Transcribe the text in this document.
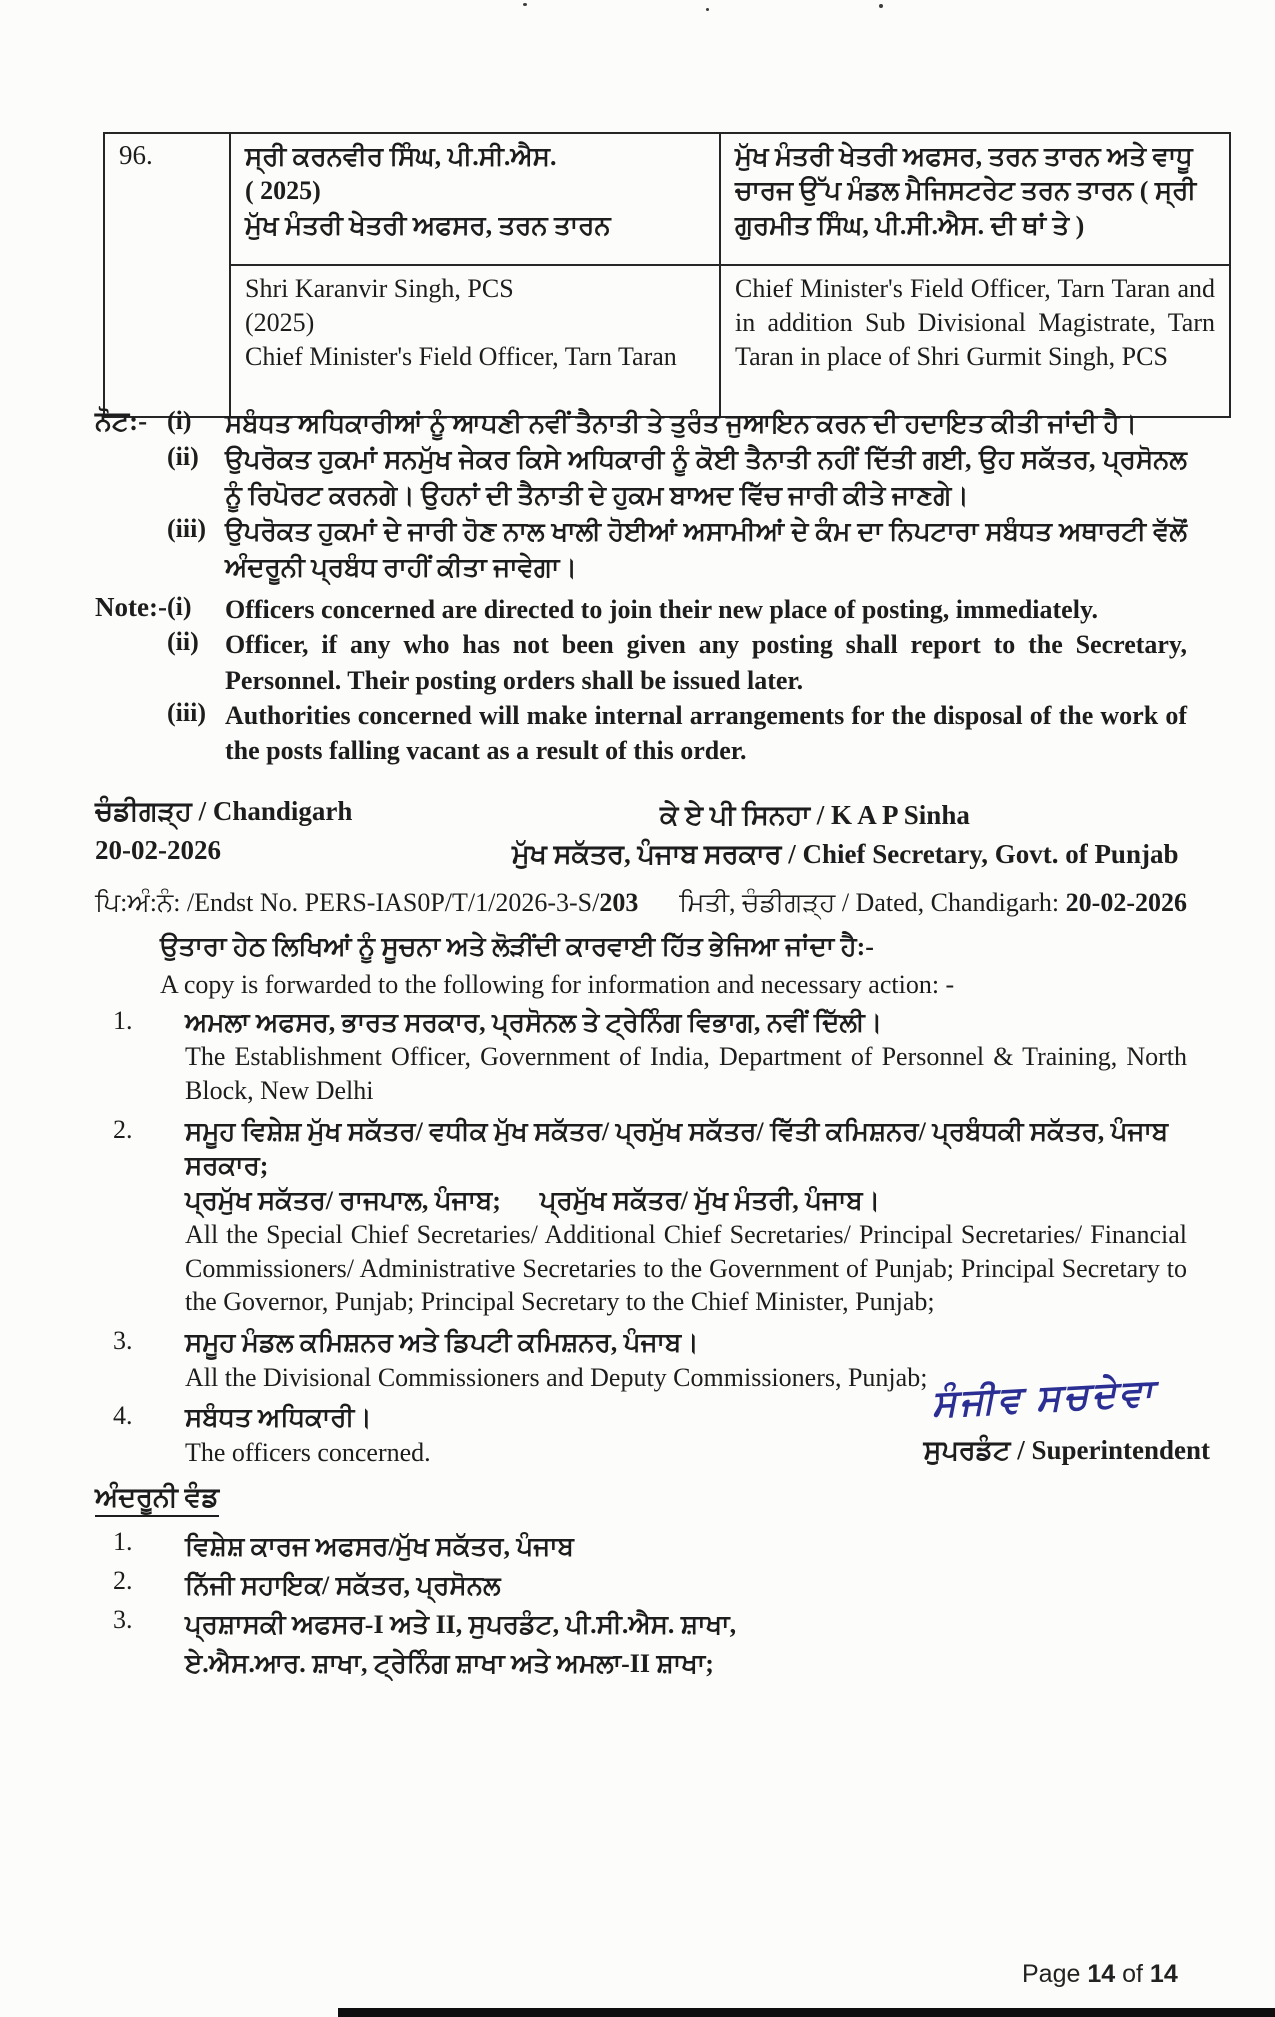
96.	ਸ੍ਰੀ ਕਰਨਵੀਰ ਸਿੰਘ, ਪੀ.ਸੀ.ਐਸ.
( 2025)
ਮੁੱਖ ਮੰਤਰੀ ਖੇਤਰੀ ਅਫਸਰ, ਤਰਨ ਤਾਰਨ	ਮੁੱਖ ਮੰਤਰੀ ਖੇਤਰੀ ਅਫਸਰ, ਤਰਨ ਤਾਰਨ ਅਤੇ ਵਾਧੂ ਚਾਰਜ ਉੱਪ ਮੰਡਲ ਮੈਜਿਸਟਰੇਟ ਤਰਨ ਤਾਰਨ ( ਸ੍ਰੀ ਗੁਰਮੀਤ ਸਿੰਘ, ਪੀ.ਸੀ.ਐਸ. ਦੀ ਥਾਂ ਤੇ )

	Shri Karanvir Singh, PCS
(2025)
Chief Minister's Field Officer, Tarn Taran	Chief Minister's Field Officer, Tarn Taran and in addition Sub Divisional Magistrate, Tarn Taran in place of Shri Gurmit Singh, PCS
ਨੋਟ:- (i)	ਸਬੰਧਤ ਅਧਿਕਾਰੀਆਂ ਨੂੰ ਆਪਣੀ ਨਵੀਂ ਤੈਨਾਤੀ ਤੇ ਤੁਰੰਤ ਜੁਆਇਨ ਕਰਨ ਦੀ ਹਦਾਇਤ ਕੀਤੀ ਜਾਂਦੀ ਹੈ।
(ii)	ਉਪਰੋਕਤ ਹੁਕਮਾਂ ਸਨਮੁੱਖ ਜੇਕਰ ਕਿਸੇ ਅਧਿਕਾਰੀ ਨੂੰ ਕੋਈ ਤੈਨਾਤੀ ਨਹੀਂ ਦਿੱਤੀ ਗਈ, ਉਹ ਸਕੱਤਰ, ਪ੍ਰਸੋਨਲ ਨੂੰ ਰਿਪੋਰਟ ਕਰਨਗੇ। ਉਹਨਾਂ ਦੀ ਤੈਨਾਤੀ ਦੇ ਹੁਕਮ ਬਾਅਦ ਵਿੱਚ ਜਾਰੀ ਕੀਤੇ ਜਾਣਗੇ।
(iii) ਉਪਰੋਕਤ ਹੁਕਮਾਂ ਦੇ ਜਾਰੀ ਹੋਣ ਨਾਲ ਖਾਲੀ ਹੋਈਆਂ ਅਸਾਮੀਆਂ ਦੇ ਕੰਮ ਦਾ ਨਿਪਟਾਰਾ ਸਬੰਧਤ ਅਥਾਰਟੀ ਵੱਲੋਂ ਅੰਦਰੂਨੀ ਪ੍ਰਬੰਧ ਰਾਹੀਂ ਕੀਤਾ ਜਾਵੇਗਾ।
Note:- (i)	Officers concerned are directed to join their new place of posting, immediately.
(ii)	Officer, if any who has not been given any posting shall report to the Secretary, Personnel. Their posting orders shall be issued later.
(iii) Authorities concerned will make internal arrangements for the disposal of the work of the posts falling vacant as a result of this order.
ਚੰਡੀਗੜ੍ਹ / Chandigarh
20-02-2026
ਕੇ ਏ ਪੀ ਸਿਨਹਾ / K A P Sinha
ਮੁੱਖ ਸਕੱਤਰ, ਪੰਜਾਬ ਸਰਕਾਰ / Chief Secretary, Govt. of Punjab
ਪਿ:ਅੰ:ਨੰ: /Endst No. PERS-IAS0P/T/1/2026-3-S/203 ਮਿਤੀ, ਚੰਡੀਗੜ੍ਹ / Dated, Chandigarh: 20-02-2026
ਉਤਾਰਾ ਹੇਠ ਲਿਖਿਆਂ ਨੂੰ ਸੂਚਨਾ ਅਤੇ ਲੋੜੀਂਦੀ ਕਾਰਵਾਈ ਹਿੱਤ ਭੇਜਿਆ ਜਾਂਦਾ ਹੈ:-
A copy is forwarded to the following for information and necessary action: -
1.	ਅਮਲਾ ਅਫਸਰ, ਭਾਰਤ ਸਰਕਾਰ, ਪ੍ਰਸੋਨਲ ਤੇ ਟ੍ਰੇਨਿੰਗ ਵਿਭਾਗ, ਨਵੀਂ ਦਿੱਲੀ।
The Establishment Officer, Government of India, Department of Personnel & Training, North Block, New Delhi
2.	ਸਮੂਹ ਵਿਸ਼ੇਸ਼ ਮੁੱਖ ਸਕੱਤਰ/ ਵਧੀਕ ਮੁੱਖ ਸਕੱਤਰ/ ਪ੍ਰਮੁੱਖ ਸਕੱਤਰ/ ਵਿੱਤੀ ਕਮਿਸ਼ਨਰ/ ਪ੍ਰਬੰਧਕੀ ਸਕੱਤਰ, ਪੰਜਾਬ ਸਰਕਾਰ;
ਪ੍ਰਮੁੱਖ ਸਕੱਤਰ/ ਰਾਜਪਾਲ, ਪੰਜਾਬ;      ਪ੍ਰਮੁੱਖ ਸਕੱਤਰ/ ਮੁੱਖ ਮੰਤਰੀ, ਪੰਜਾਬ।
All the Special Chief Secretaries/ Additional Chief Secretaries/ Principal Secretaries/ Financial Commissioners/ Administrative Secretaries to the Government of Punjab; Principal Secretary to the Governor, Punjab; Principal Secretary to the Chief Minister, Punjab;
3.	ਸਮੂਹ ਮੰਡਲ ਕਮਿਸ਼ਨਰ ਅਤੇ ਡਿਪਟੀ ਕਮਿਸ਼ਨਰ, ਪੰਜਾਬ।
All the Divisional Commissioners and Deputy Commissioners, Punjab;
4.	ਸਬੰਧਤ ਅਧਿਕਾਰੀ।
The officers concerned.
ਸੰਜੀਵ ਸਚਦੇਵਾ
ਸੁਪਰਡੰਟ / Superintendent
ਅੰਦਰੂਨੀ ਵੰਡ
1.	ਵਿਸ਼ੇਸ਼ ਕਾਰਜ ਅਫਸਰ/ਮੁੱਖ ਸਕੱਤਰ, ਪੰਜਾਬ
2.	ਨਿੱਜੀ ਸਹਾਇਕ/ ਸਕੱਤਰ, ਪ੍ਰਸੋਨਲ
3.	ਪ੍ਰਸ਼ਾਸਕੀ ਅਫਸਰ-I ਅਤੇ II, ਸੁਪਰਡੰਟ, ਪੀ.ਸੀ.ਐਸ. ਸ਼ਾਖਾ,
ਏ.ਐਸ.ਆਰ. ਸ਼ਾਖਾ, ਟ੍ਰੇਨਿੰਗ ਸ਼ਾਖਾ ਅਤੇ ਅਮਲਾ-II ਸ਼ਾਖਾ;
Page 14 of 14
